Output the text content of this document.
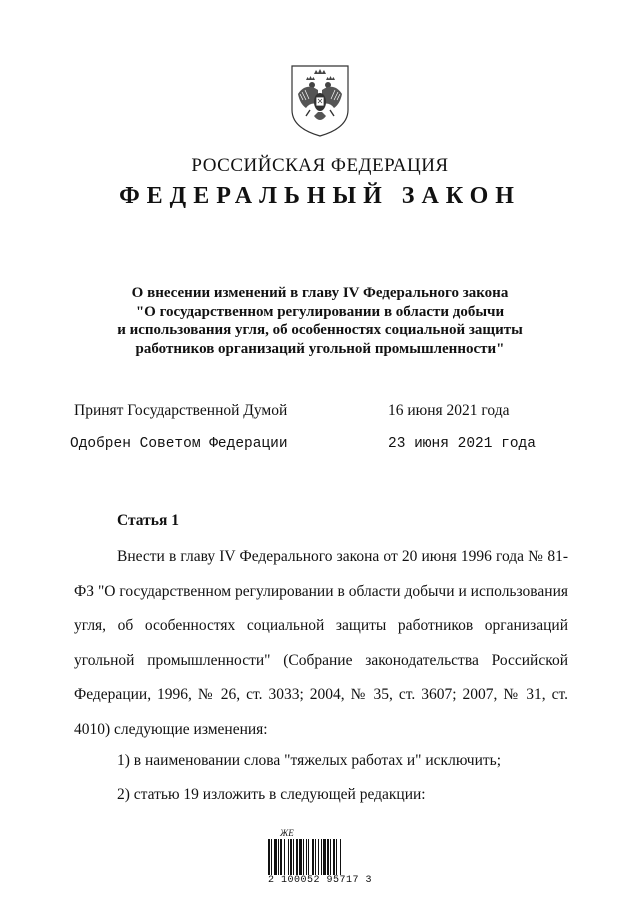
РОССИЙСКАЯ ФЕДЕРАЦИЯ
ФЕДЕРАЛЬНЫЙ ЗАКОН
О внесении изменений в главу IV Федерального закона
"О государственном регулировании в области добычи
и использования угля, об особенностях социальной защиты
работников организаций угольной промышленности"
Принят Государственной Думой	16 июня 2021 года
Одобрен Советом Федерации	23 июня 2021 года
Статья 1

Внести в главу IV Федерального закона от 20 июня 1996 года № 81-ФЗ "О государственном регулировании в области добычи и использования угля, об особенностях социальной защиты работников организаций угольной промышленности" (Собрание законодательства Российской Федерации, 1996, № 26, ст. 3033; 2004, № 35, ст. 3607; 2007, № 31, ст. 4010) следующие изменения:

1) в наименовании слова "тяжелых работах и" исключить;
2) статью 19 изложить в следующей редакции:
ЖЕ
2 100052 95717 3
